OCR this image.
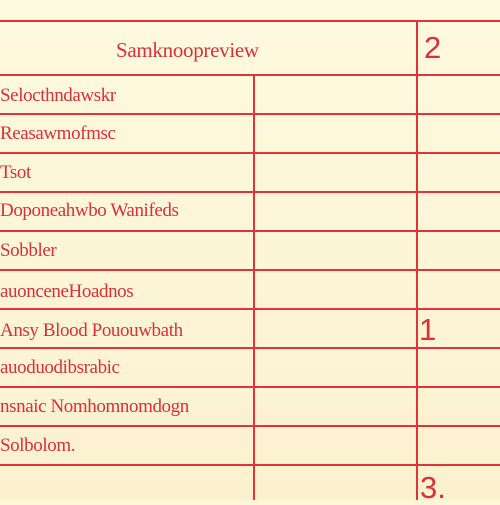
Samknoopreview	2
Selocthndawskr
Reasawmofmsc
Tsot
Doponeahwbo Wanifeds
Sobbler
auonceneHoadnos
Ansy Blood Pououwbath
auoduodibsrabic
nsnaic Nomhomnomdogn
Solbolom.
1
3.
